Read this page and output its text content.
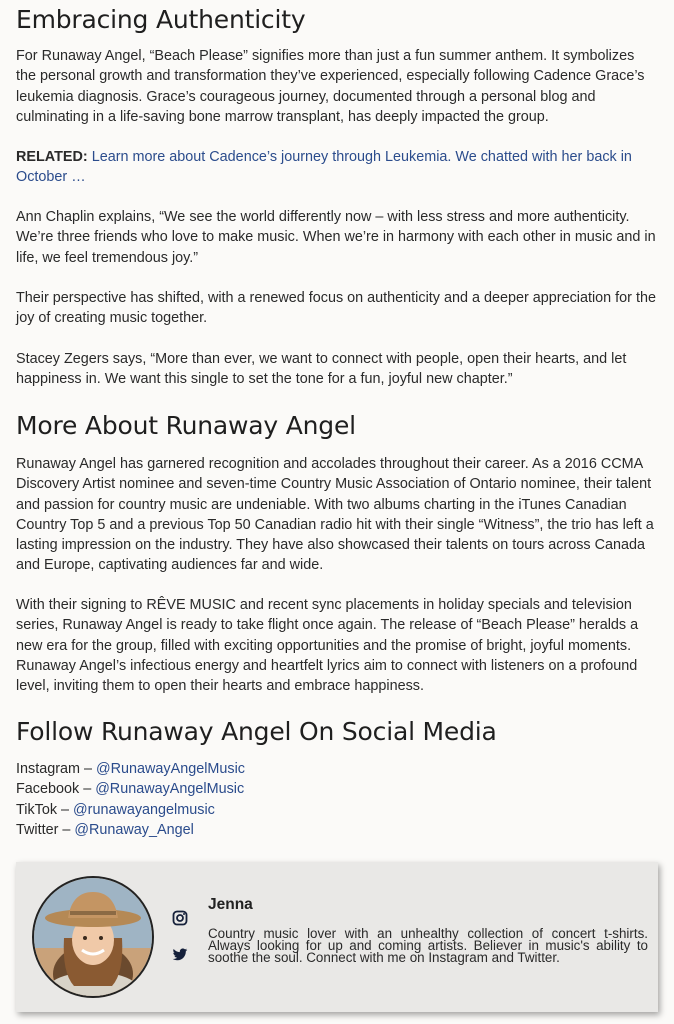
Embracing Authenticity

For Runaway Angel, “Beach Please” signifies more than just a fun summer anthem. It symbolizes the personal growth and transformation they’ve experienced, especially following Cadence Grace’s leukemia diagnosis. Grace’s courageous journey, documented through a personal blog and culminating in a life-saving bone marrow transplant, has deeply impacted the group.

RELATED: Learn more about Cadence’s journey through Leukemia. We chatted with her back in October …

Ann Chaplin explains, “We see the world differently now – with less stress and more authenticity. We’re three friends who love to make music. When we’re in harmony with each other in music and in life, we feel tremendous joy.”

Their perspective has shifted, with a renewed focus on authenticity and a deeper appreciation for the joy of creating music together.

Stacey Zegers says, “More than ever, we want to connect with people, open their hearts, and let happiness in. We want this single to set the tone for a fun, joyful new chapter.”

More About Runaway Angel

Runaway Angel has garnered recognition and accolades throughout their career. As a 2016 CCMA Discovery Artist nominee and seven-time Country Music Association of Ontario nominee, their talent and passion for country music are undeniable. With two albums charting in the iTunes Canadian Country Top 5 and a previous Top 50 Canadian radio hit with their single “Witness”, the trio has left a lasting impression on the industry. They have also showcased their talents on tours across Canada and Europe, captivating audiences far and wide.

With their signing to RÊVE MUSIC and recent sync placements in holiday specials and television series, Runaway Angel is ready to take flight once again. The release of “Beach Please” heralds a new era for the group, filled with exciting opportunities and the promise of bright, joyful moments. Runaway Angel’s infectious energy and heartfelt lyrics aim to connect with listeners on a profound level, inviting them to open their hearts and embrace happiness.

Follow Runaway Angel On Social Media
Instagram – @RunawayAngelMusic
Facebook – @RunawayAngelMusic
TikTok – @runawayangelmusic
Twitter – @Runaway_Angel
Jenna
Country music lover with an unhealthy collection of concert t-shirts. Always looking for up and coming artists. Believer in music's ability to soothe the soul. Connect with me on Instagram and Twitter.
